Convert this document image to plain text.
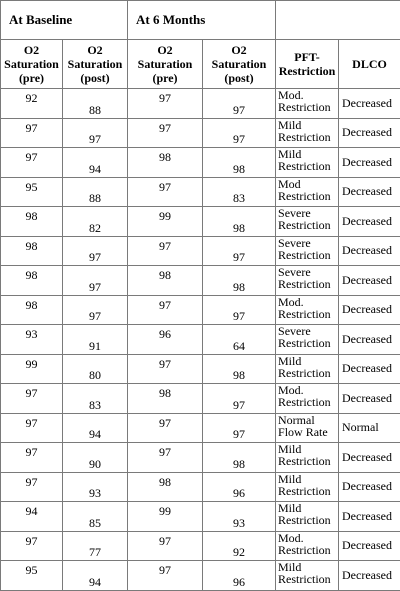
At Baseline		At 6 Months			

O2
Saturation
(pre)	O2
Saturation
(post)	O2
Saturation
(pre)	O2
Saturation
(post)	PFT-
Restriction	DLCO
92	88	97	97	Mod.
Restriction	Decreased
97	97	97	97	Mild
Restriction	Decreased
97	94	98	98	Mild
Restriction	Decreased
95	88	97	83	Mod
Restriction	Decreased
98	82	99	98	Severe
Restriction	Decreased
98	97	97	97	Severe
Restriction	Decreased
98	97	98	98	Severe
Restriction	Decreased
98	97	97	97	Mod.
Restriction	Decreased
93	91	96	64	Severe
Restriction	Decreased
99	80	97	98	Mild
Restriction	Decreased
97	83	98	97	Mod.
Restriction	Decreased
97	94	97	97	Normal
Flow Rate	Normal
97	90	97	98	Mild
Restriction	Decreased
97	93	98	96	Mild
Restriction	Decreased
94	85	99	93	Mild
Restriction	Decreased
97	77	97	92	Mod.
Restriction	Decreased
95	94	97	96	Mild
Restriction	Decreased
